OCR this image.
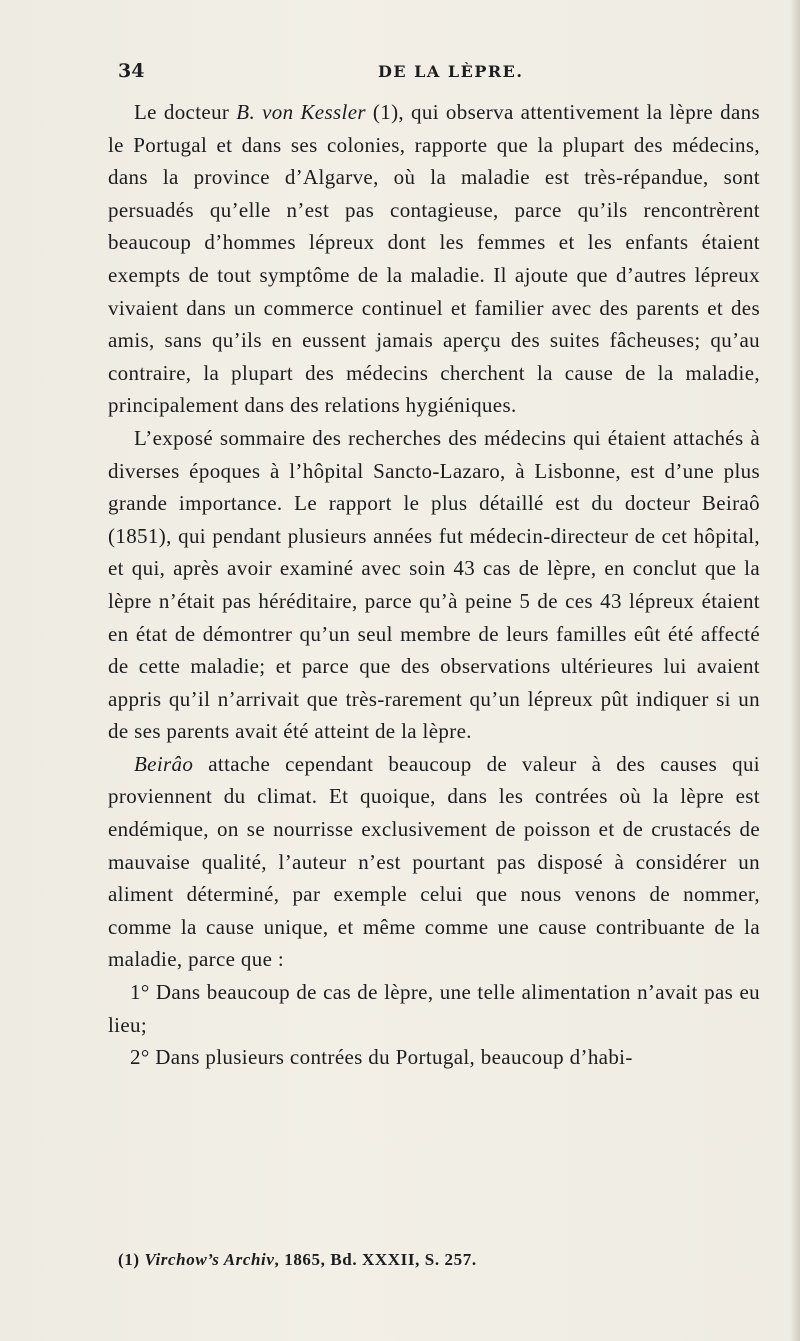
34	DE LA LÈPRE.

Le docteur B. von Kessler (1), qui observa attentivement la lèpre dans le Portugal et dans ses colonies, rapporte que la plupart des médecins, dans la province d’Algarve, où la maladie est très-répandue, sont persuadés qu’elle n’est pas contagieuse, parce qu’ils rencontrèrent beaucoup d’hommes lépreux dont les femmes et les enfants étaient exempts de tout symptôme de la maladie. Il ajoute que d’autres lépreux vivaient dans un commerce continuel et familier avec des parents et des amis, sans qu’ils en eussent jamais aperçu des suites fâcheuses; qu’au contraire, la plupart des médecins cherchent la cause de la maladie, principalement dans des relations hygiéniques.

L’exposé sommaire des recherches des médecins qui étaient attachés à diverses époques à l’hôpital Sancto-Lazaro, à Lisbonne, est d’une plus grande importance. Le rapport le plus détaillé est du docteur Beiraô (1851), qui pendant plusieurs années fut médecin-directeur de cet hôpital, et qui, après avoir examiné avec soin 43 cas de lèpre, en conclut que la lèpre n’était pas héréditaire, parce qu’à peine 5 de ces 43 lépreux étaient en état de démontrer qu’un seul membre de leurs familles eût été affecté de cette maladie; et parce que des observations ultérieures lui avaient appris qu’il n’arrivait que très-rarement qu’un lépreux pût indiquer si un de ses parents avait été atteint de la lèpre.

Beirâo attache cependant beaucoup de valeur à des causes qui proviennent du climat. Et quoique, dans les contrées où la lèpre est endémique, on se nourrisse exclusivement de poisson et de crustacés de mauvaise qualité, l’auteur n’est pourtant pas disposé à considérer un aliment déterminé, par exemple celui que nous venons de nommer, comme la cause unique, et même comme une cause contribuante de la maladie, parce que :

1° Dans beaucoup de cas de lèpre, une telle alimentation n’avait pas eu lieu;

2° Dans plusieurs contrées du Portugal, beaucoup d’habi-

(1) Virchow’s Archiv, 1865, Bd. XXXII, S. 257.
